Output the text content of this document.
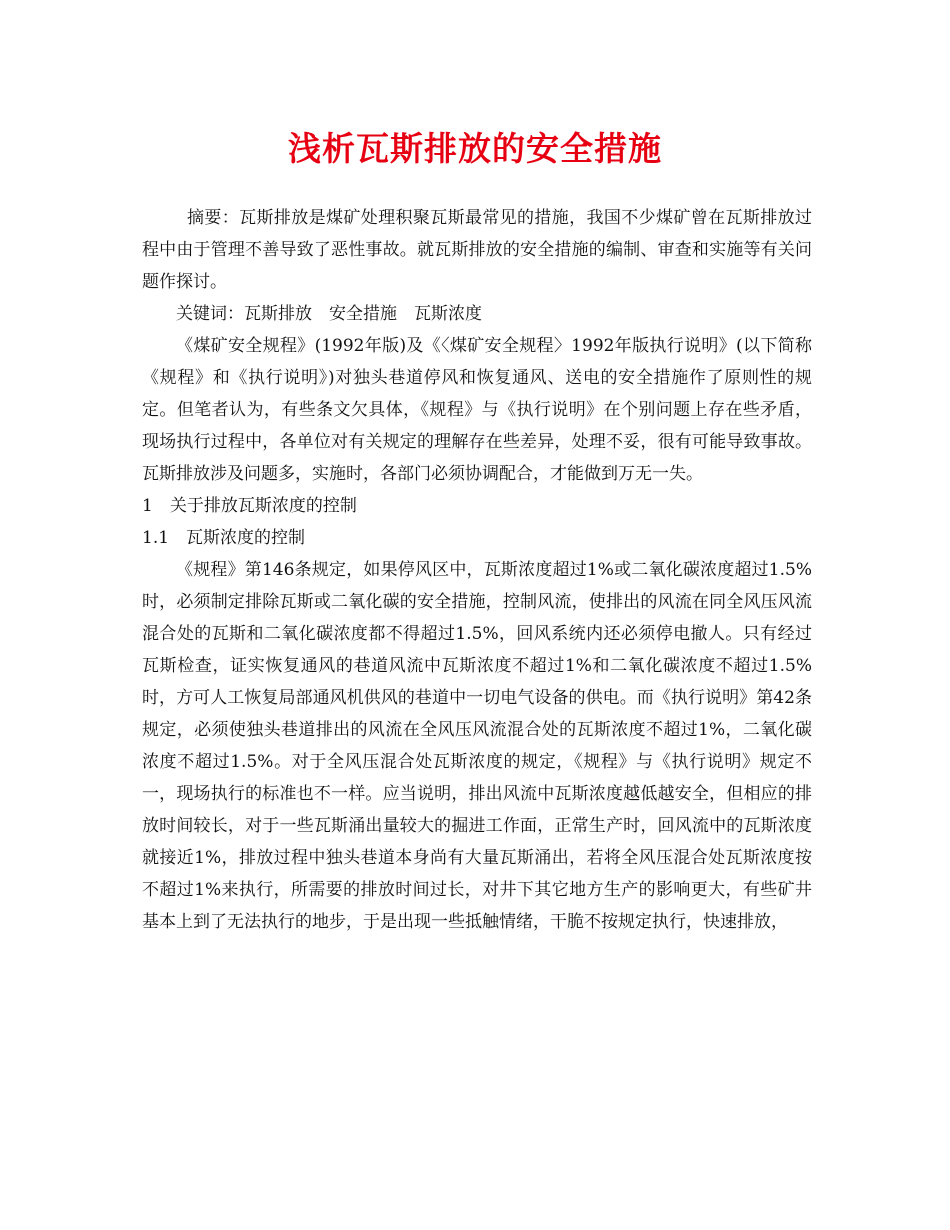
浅析瓦斯排放的安全措施

摘要：瓦斯排放是煤矿处理积聚瓦斯最常见的措施，我国不少煤矿曾在瓦斯排放过程中由于管理不善导致了恶性事故。就瓦斯排放的安全措施的编制、审查和实施等有关问题作探讨。

关键词：瓦斯排放　安全措施　瓦斯浓度

《煤矿安全规程》(1992年版)及《〈煤矿安全规程〉1992年版执行说明》(以下简称《规程》和《执行说明》)对独头巷道停风和恢复通风、送电的安全措施作了原则性的规定。但笔者认为，有些条文欠具体，《规程》与《执行说明》在个别问题上存在些矛盾，现场执行过程中，各单位对有关规定的理解存在些差异，处理不妥，很有可能导致事故。瓦斯排放涉及问题多，实施时，各部门必须协调配合，才能做到万无一失。

1　关于排放瓦斯浓度的控制

1.1　瓦斯浓度的控制

《规程》第146条规定，如果停风区中，瓦斯浓度超过1%或二氧化碳浓度超过1.5%时，必须制定排除瓦斯或二氧化碳的安全措施，控制风流，使排出的风流在同全风压风流混合处的瓦斯和二氧化碳浓度都不得超过1.5%，回风系统内还必须停电撤人。只有经过瓦斯检查，证实恢复通风的巷道风流中瓦斯浓度不超过1%和二氧化碳浓度不超过1.5%时，方可人工恢复局部通风机供风的巷道中一切电气设备的供电。而《执行说明》第42条规定，必须使独头巷道排出的风流在全风压风流混合处的瓦斯浓度不超过1%，二氧化碳浓度不超过1.5%。对于全风压混合处瓦斯浓度的规定，《规程》与《执行说明》规定不一，现场执行的标准也不一样。应当说明，排出风流中瓦斯浓度越低越安全，但相应的排放时间较长，对于一些瓦斯涌出量较大的掘进工作面，正常生产时，回风流中的瓦斯浓度就接近1%，排放过程中独头巷道本身尚有大量瓦斯涌出，若将全风压混合处瓦斯浓度按不超过1%来执行，所需要的排放时间过长，对井下其它地方生产的影响更大，有些矿井基本上到了无法执行的地步，于是出现一些抵触情绪，干脆不按规定执行，快速排放，
